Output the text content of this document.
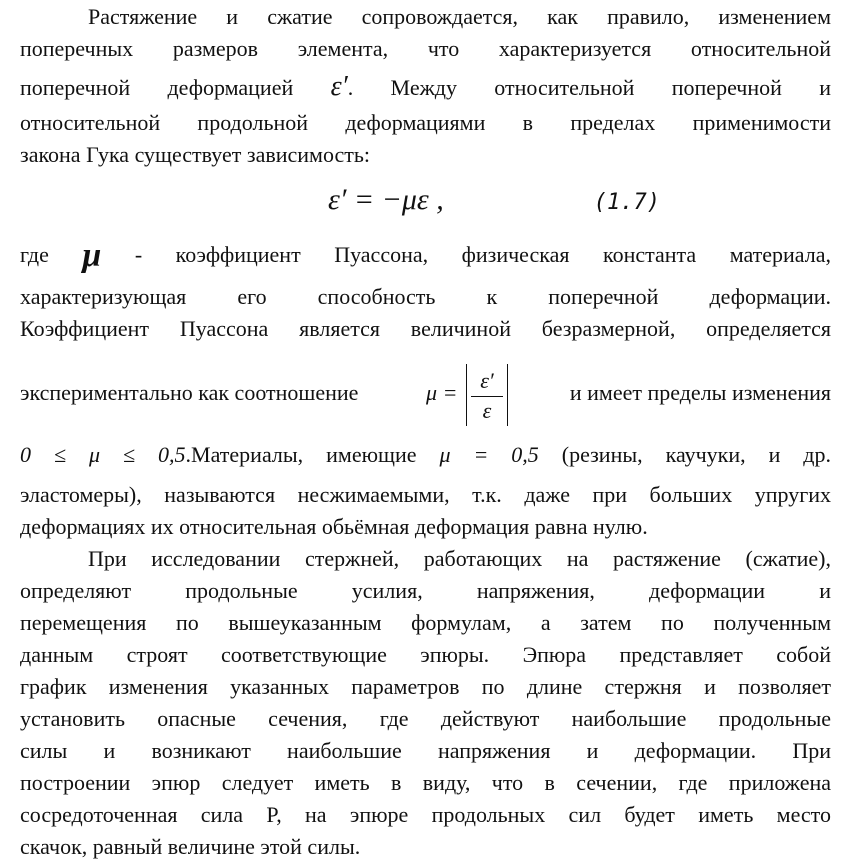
Растяжение и сжатие сопровождается, как правило, изменением
поперечных размеров элемента, что характеризуется относительной
поперечной деформацией ε′. Между относительной поперечной и
относительной продольной деформациями в пределах применимости
закона Гука существует зависимость:
ε′ = −με ,	(1.7)
где μ - коэффициент Пуассона, физическая константа материала,
характеризующая его способность к поперечной деформации.
Коэффициент Пуассона является величиной безразмерной, определяется
экспериментально как соотношение	μ =	ε′
ε
и имеет пределы изменения
0 ≤ μ ≤ 0,5.Материалы, имеющие μ = 0,5 (резины, каучуки, и др.
эластомеры), называются несжимаемыми, т.к. даже при больших упругих
деформациях их относительная обьёмная деформация равна нулю.
При исследовании стержней, работающих на растяжение (сжатие),
определяют продольные усилия, напряжения, деформации и
перемещения по вышеуказанным формулам, а затем по полученным
данным строят соответствующие эпюры. Эпюра представляет собой
график изменения указанных параметров по длине стержня и позволяет
установить опасные сечения, где действуют наибольшие продольные
силы и возникают наибольшие напряжения и деформации. При
построении эпюр следует иметь в виду, что в сечении, где приложена
сосредоточенная сила P, на эпюре продольных сил будет иметь место
скачок, равный величине этой силы.
